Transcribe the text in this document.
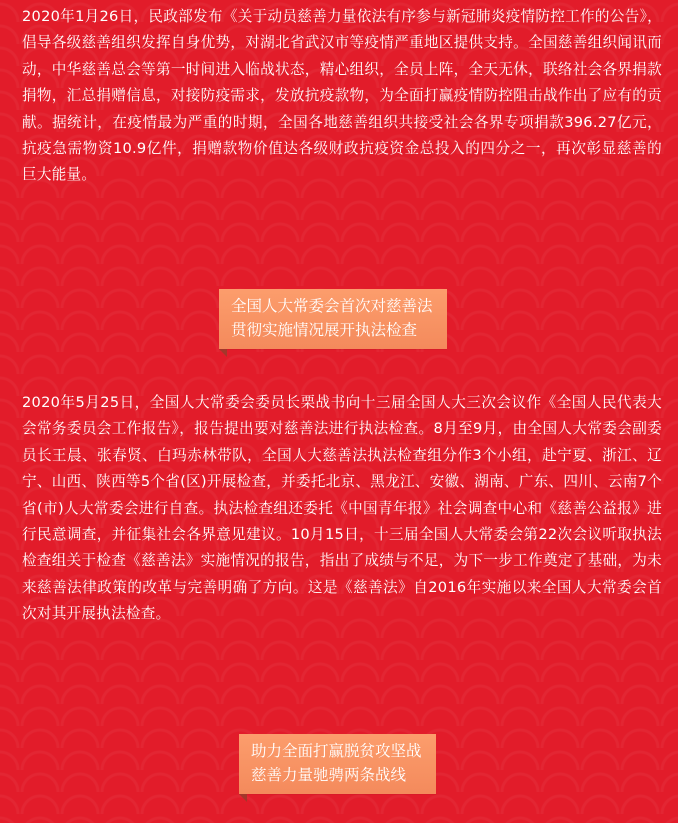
2020年1月26日，民政部发布《关于动员慈善力量依法有序参与新冠肺炎疫情防控工作的公告》，倡导各级慈善组织发挥自身优势，对湖北省武汉市等疫情严重地区提供支持。全国慈善组织闻讯而动，中华慈善总会等第一时间进入临战状态，精心组织，全员上阵，全天无休，联络社会各界捐款捐物，汇总捐赠信息，对接防疫需求，发放抗疫款物，为全面打赢疫情防控阻击战作出了应有的贡献。据统计，在疫情最为严重的时期，全国各地慈善组织共接受社会各界专项捐款396.27亿元，抗疫急需物资10.9亿件，捐赠款物价值达各级财政抗疫资金总投入的四分之一，再次彰显慈善的巨大能量。

全国人大常委会首次对慈善法
贯彻实施情况展开执法检查

2020年5月25日，全国人大常委会委员长栗战书向十三届全国人大三次会议作《全国人民代表大会常务委员会工作报告》，报告提出要对慈善法进行执法检查。8月至9月，由全国人大常委会副委员长王晨、张春贤、白玛赤林带队，全国人大慈善法执法检查组分作3个小组，赴宁夏、浙江、辽宁、山西、陕西等5个省(区)开展检查，并委托北京、黑龙江、安徽、湖南、广东、四川、云南7个省(市)人大常委会进行自查。执法检查组还委托《中国青年报》社会调查中心和《慈善公益报》进行民意调查，并征集社会各界意见建议。10月15日，十三届全国人大常委会第22次会议听取执法检查组关于检查《慈善法》实施情况的报告，指出了成绩与不足，为下一步工作奠定了基础，为未来慈善法律政策的改革与完善明确了方向。这是《慈善法》自2016年实施以来全国人大常委会首次对其开展执法检查。

助力全面打赢脱贫攻坚战
慈善力量驰骋两条战线
